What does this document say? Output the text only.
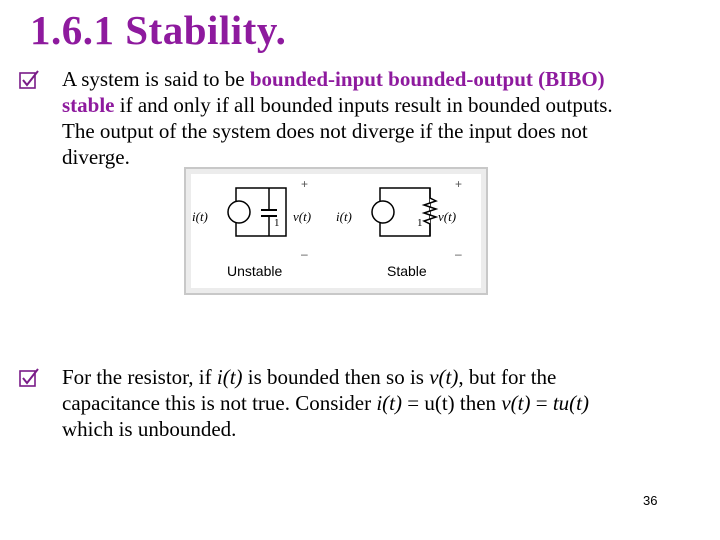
1.6.1 Stability.
A system is said to be bounded-input bounded-output (BIBO)
stable if and only if all bounded inputs result in bounded outputs.
The output of the system does not diverge if the input does not
diverge.
i(t)	v(t) i(t)	v(t)
1	1
+
–
+
–
Unstable	Stable
For the resistor, if i(t) is bounded then so is v(t), but for the
capacitance this is not true. Consider i(t) = u(t) then v(t) = tu(t)
which is unbounded.
36
